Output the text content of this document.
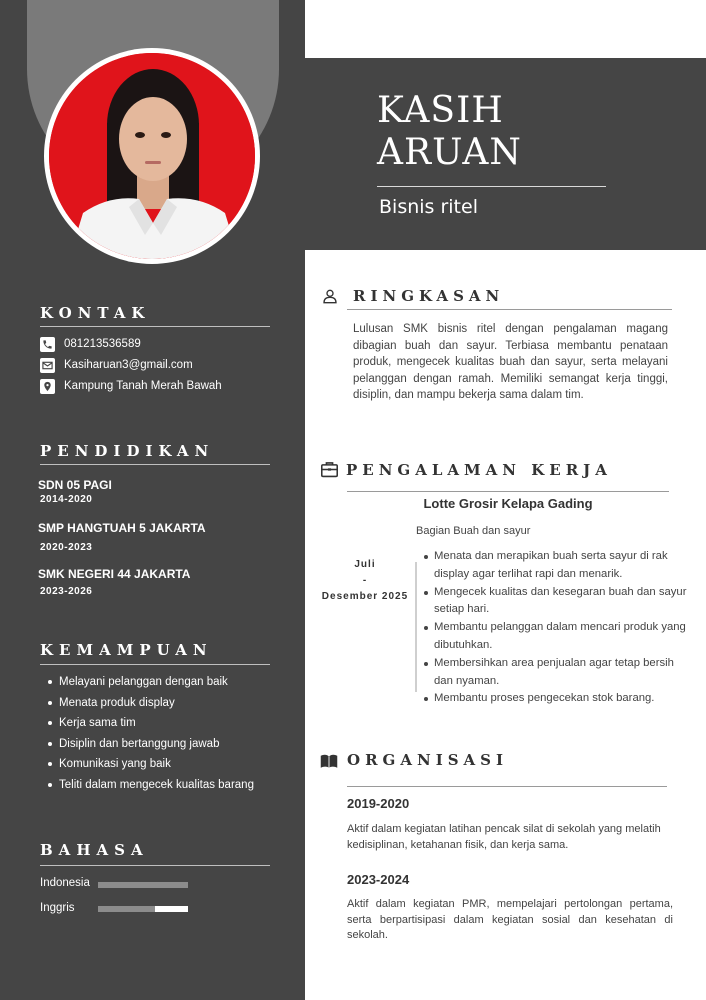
KONTAK
081213536589
Kasiharuan3@gmail.com
Kampung Tanah Merah Bawah
PENDIDIKAN
SDN 05 PAGI
2014-2020
SMP HANGTUAH 5 JAKARTA
2020-2023
SMK NEGERI 44 JAKARTA
2023-2026
KEMAMPUAN
Melayani pelanggan dengan baik
Menata produk display
Kerja sama tim
Disiplin dan bertanggung jawab
Komunikasi yang baik
Teliti dalam mengecek kualitas barang
BAHASA
Indonesia
Inggris
KASIH
ARUAN
Bisnis ritel
RINGKASAN
Lulusan SMK bisnis ritel dengan pengalaman magang dibagian buah dan sayur. Terbiasa membantu penataan produk, mengecek kualitas buah dan sayur, serta melayani pelanggan dengan ramah. Memiliki semangat kerja tinggi, disiplin, dan mampu bekerja sama dalam tim.
PENGALAMAN KERJA
Lotte Grosir Kelapa Gading
Bagian Buah dan sayur
Juli
-
Desember 2025
Menata dan merapikan buah serta sayur di rak display agar terlihat rapi dan menarik.
Mengecek kualitas dan kesegaran buah dan sayur setiap hari.
Membantu pelanggan dalam mencari produk yang dibutuhkan.
Membersihkan area penjualan agar tetap bersih dan nyaman.
Membantu proses pengecekan stok barang.
ORGANISASI
2019-2020
Aktif dalam kegiatan latihan pencak silat di sekolah yang melatih kedisiplinan, ketahanan fisik, dan kerja sama.
2023-2024
Aktif dalam kegiatan PMR, mempelajari pertolongan pertama, serta berpartisipasi dalam kegiatan sosial dan kesehatan di sekolah.
